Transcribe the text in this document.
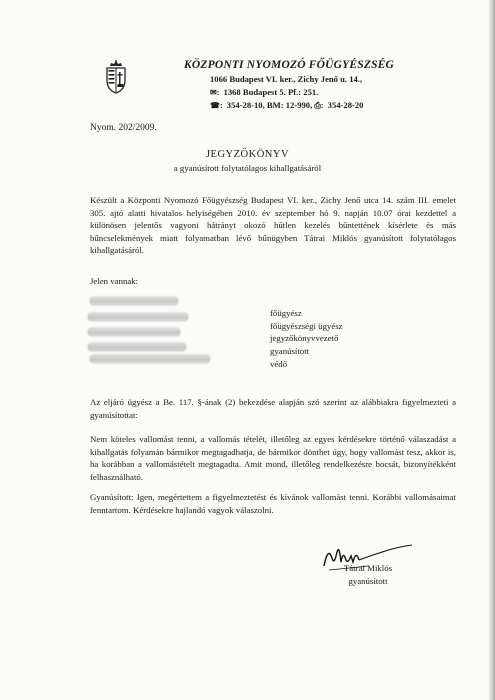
KÖZPONTI NYOMOZÓ FŐÜGYÉSZSÉG
1066 Budapest VI. ker., Zichy Jenő u. 14.,
✉: 1368 Budapest 5. Pf.: 251.
☎: 354-28-10, BM: 12-990, ⎙: 354-28-20
Nyom. 202/2009.
JEGYZŐKÖNYV
a gyanúsított folytatólagos kihallgatásáról
Készült a Központi Nyomozó Főügyészség Budapest VI. ker., Zichy Jenő utca 14. szám III. emelet 305. ajtó alatti hivatalos helyiségében 2010. év szeptember hó 9. napján 10.07 órai kezdettel a különösen jelentős vagyoni hátrányt okozó hűtlen kezelés bűntettének kísérlete és más bűncselekmények miatt folyamatban lévő bűnügyben Tátrai Miklós gyanúsított folytatólagos kihallgatásáról.
Jelen vannak:
főügyész
főügyészségi ügyész
jegyzőkönyvvezető
gyanúsított
védő
Az eljáró ügyész a Be. 117. §-ának (2) bekezdése alapján szó szerint az alábbiakra figyelmezteti a gyanúsítottat:
Nem köteles vallomást tenni, a vallomás tételét, illetőleg az egyes kérdésekre történő válaszadást a kihallgatás folyamán bármikor megtagadhatja, de bármikor dönthet úgy, hogy vallomást tesz, akkor is, ha korábban a vallomástételt megtagadta. Amit mond, illetőleg rendelkezésre bocsát, bizonyítékként felhasználható.
Gyanúsított: Igen, megértettem a figyelmeztetést és kívánok vallomást tenni. Korábbi vallomásaimat fenntartom. Kérdésekre hajlandó vagyok válaszolni.
Tátrai Miklós
gyanúsított
